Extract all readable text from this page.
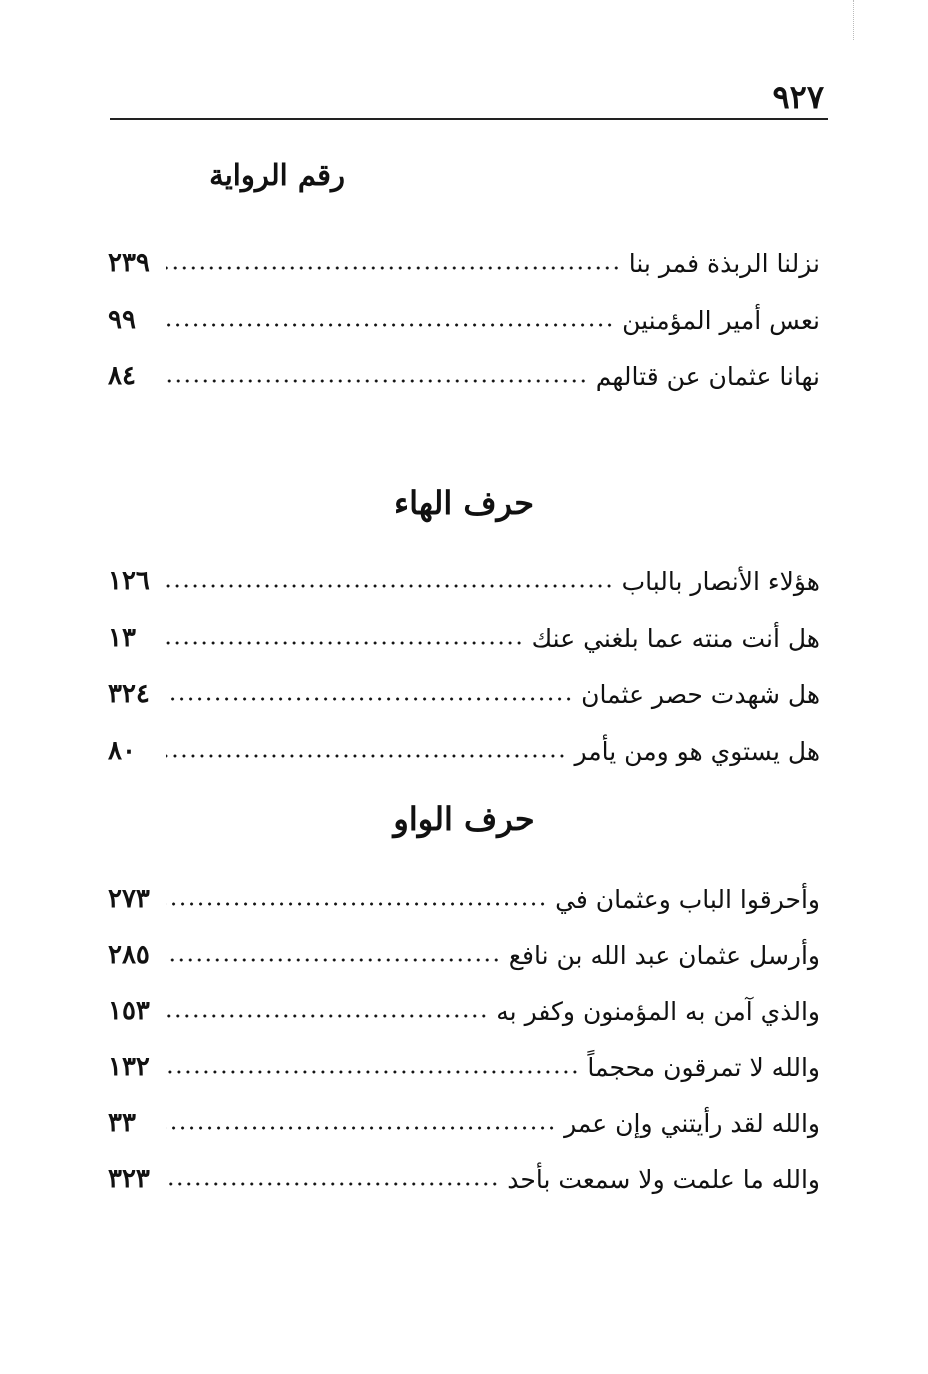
٩٢٧
رقم الرواية
نزلنا الربذة فمر بنا
٢٣٩
نعس أمير المؤمنين
٩٩
نهانا عثمان عن قتالهم
٨٤
حرف الهاء
هؤلاء الأنصار بالباب
١٢٦
هل أنت منته عما بلغني عنك
١٣
هل شهدت حصر عثمان
٣٢٤
هل يستوي هو ومن يأمر
٨٠
حرف الواو
وأحرقوا الباب وعثمان في
٢٧٣
وأرسل عثمان عبد الله بن نافع
٢٨٥
والذي آمن به المؤمنون وكفر به
١٥٣
والله لا تمرقون محجماً
١٣٢
والله لقد رأيتني وإن عمر
٣٣
والله ما علمت ولا سمعت بأحد
٣٢٣
